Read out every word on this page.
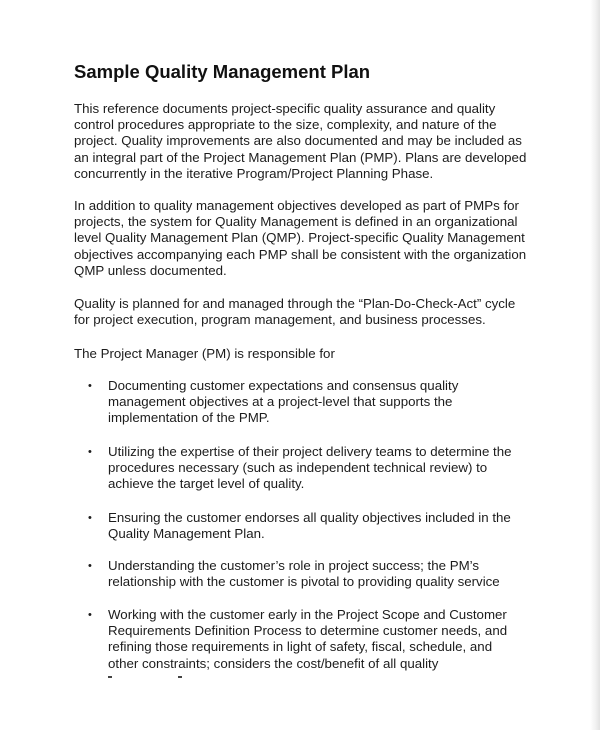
Sample Quality Management Plan

This reference documents project-specific quality assurance and quality
control procedures appropriate to the size, complexity, and nature of the
project. Quality improvements are also documented and may be included as
an integral part of the Project Management Plan (PMP). Plans are developed
concurrently in the iterative Program/Project Planning Phase.

In addition to quality management objectives developed as part of PMPs for
projects, the system for Quality Management is defined in an organizational
level Quality Management Plan (QMP). Project-specific Quality Management
objectives accompanying each PMP shall be consistent with the organization
QMP unless documented.

Quality is planned for and managed through the “Plan-Do-Check-Act” cycle
for project execution, program management, and business processes.

The Project Manager (PM) is responsible for

•	Documenting customer expectations and consensus quality
management objectives at a project-level that supports the
implementation of the PMP.
•	Utilizing the expertise of their project delivery teams to determine the
procedures necessary (such as independent technical review) to
achieve the target level of quality.
•	Ensuring the customer endorses all quality objectives included in the
Quality Management Plan.
•	Understanding the customer’s role in project success; the PM’s
relationship with the customer is pivotal to providing quality service
•	Working with the customer early in the Project Scope and Customer
Requirements Definition Process to determine customer needs, and
refining those requirements in light of safety, fiscal, schedule, and
other constraints; considers the cost/benefit of all quality
